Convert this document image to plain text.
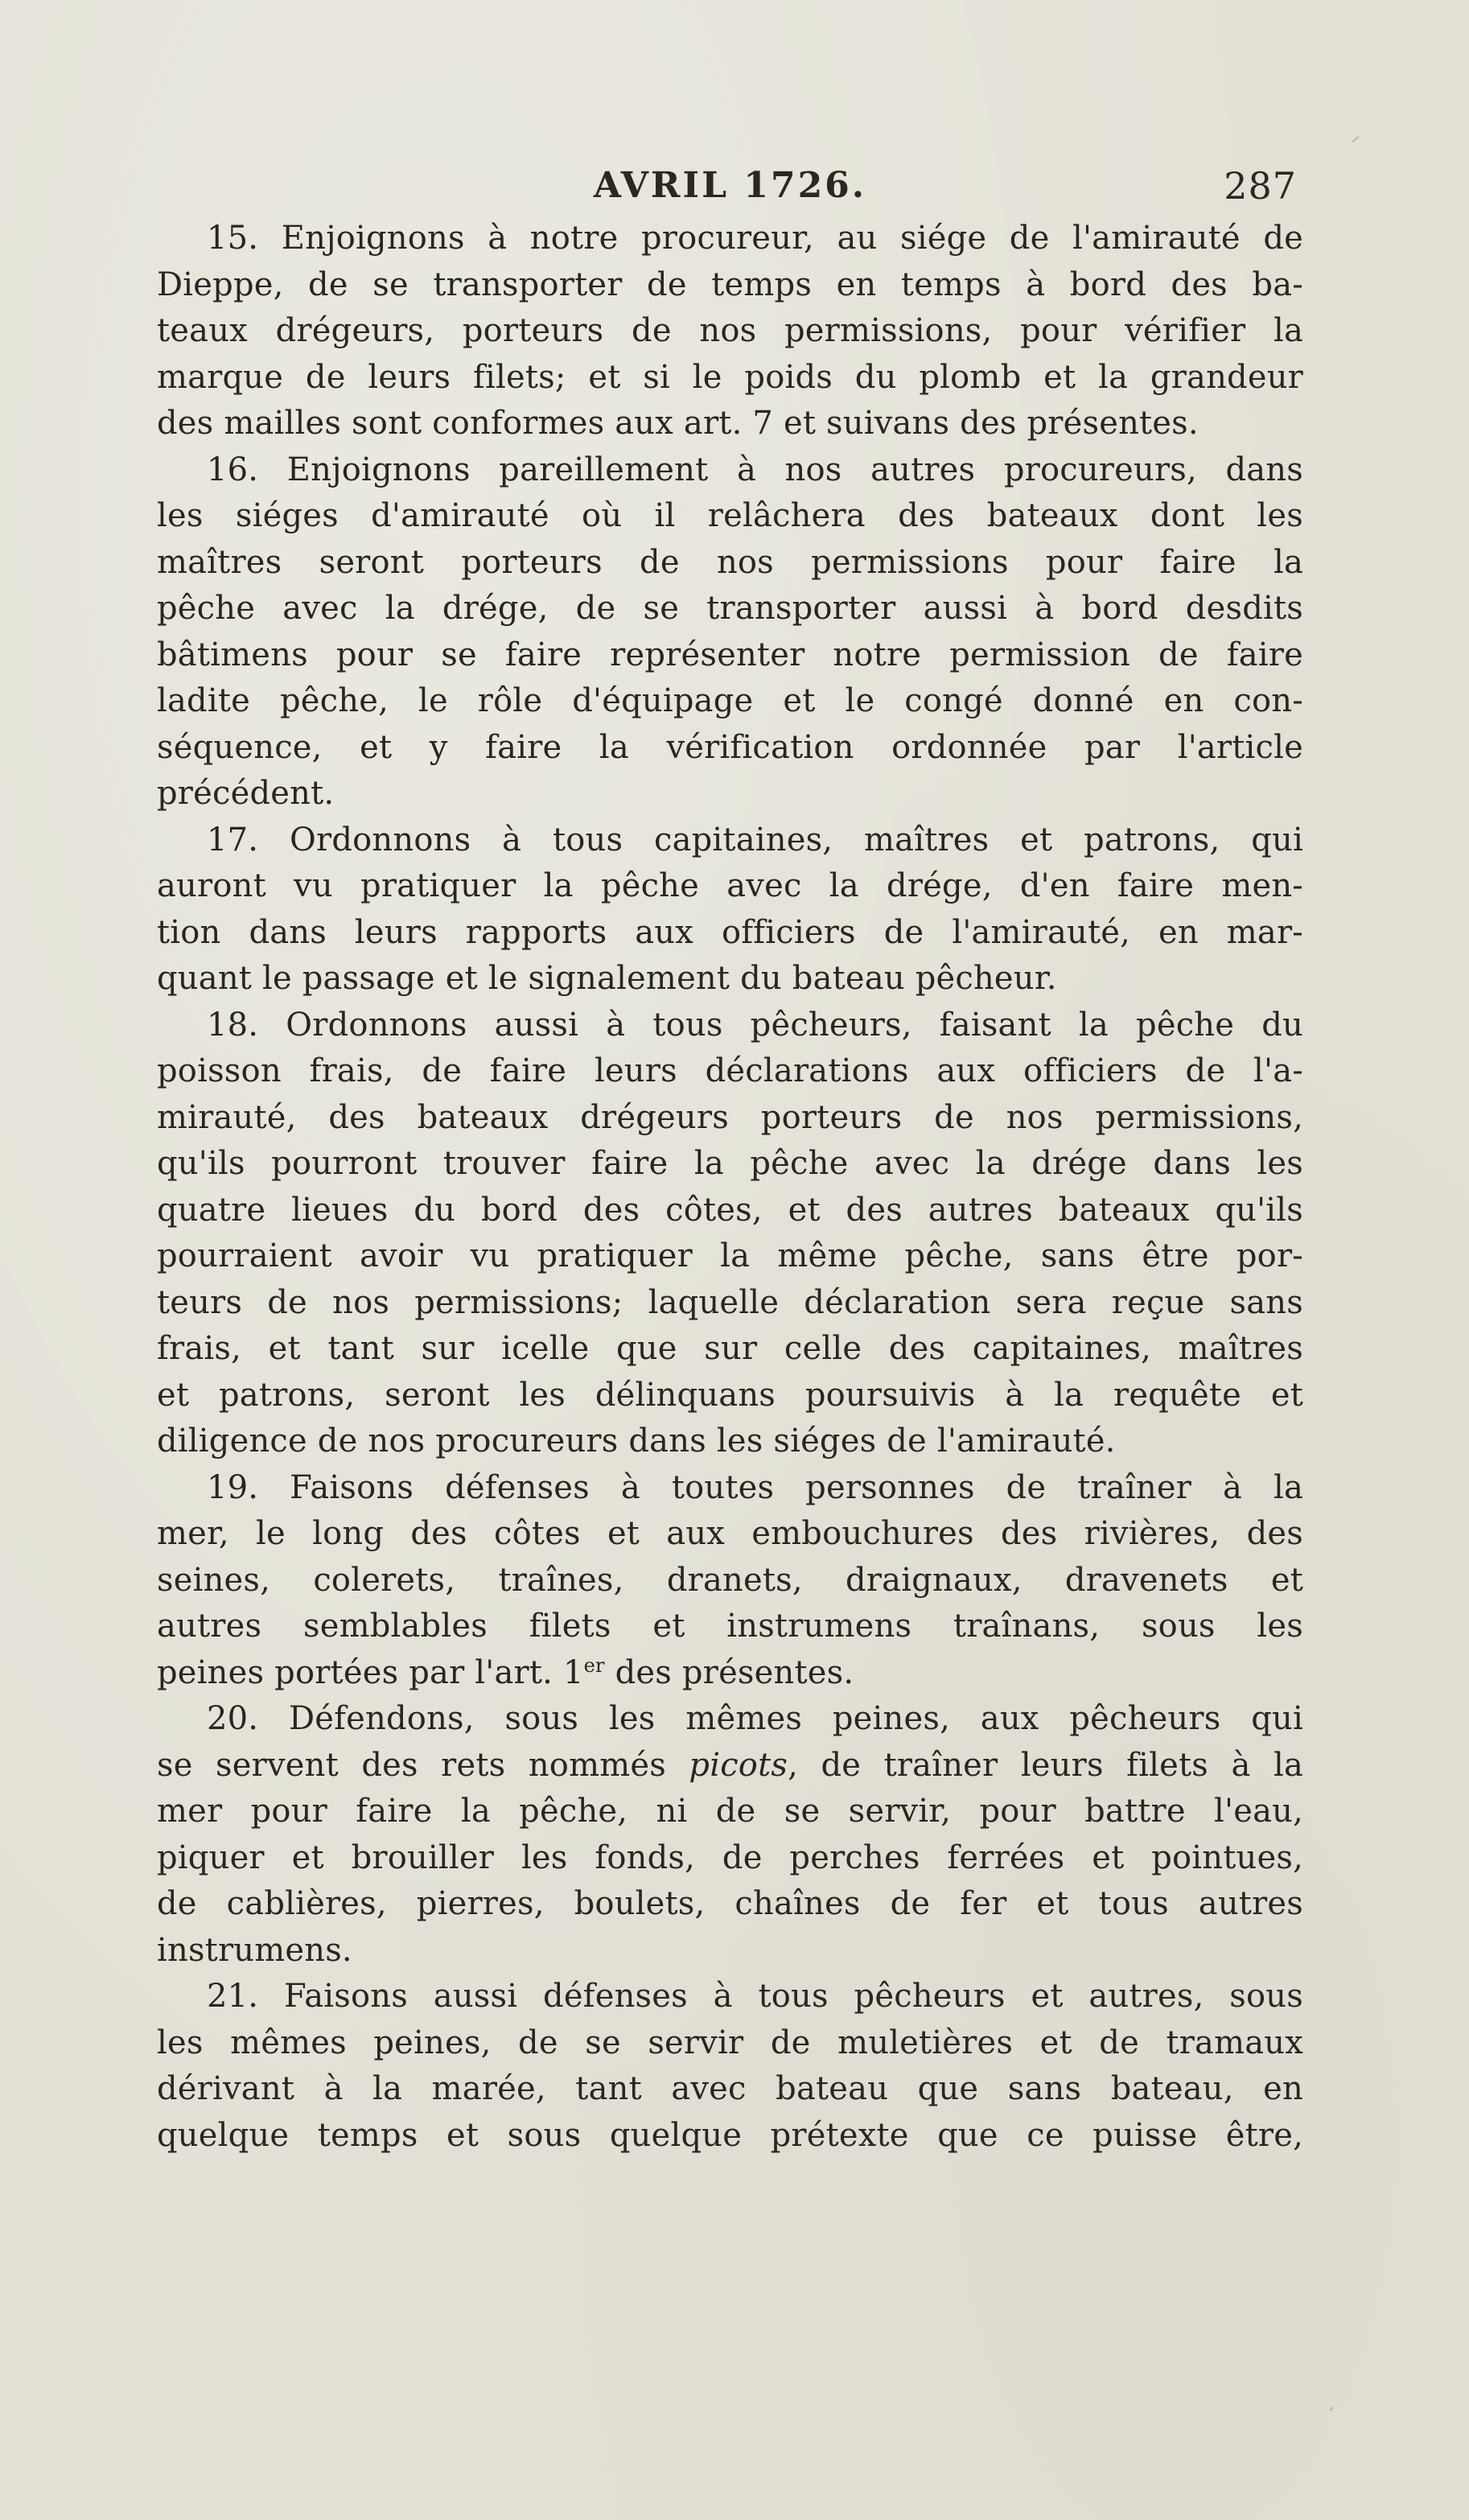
AVRIL 1726.	287
15. Enjoignons à notre procureur, au siége de l'amirauté de
Dieppe, de se transporter de temps en temps à bord des ba-
teaux drégeurs, porteurs de nos permissions, pour vérifier la
marque de leurs filets; et si le poids du plomb et la grandeur
des mailles sont conformes aux art. 7 et suivans des présentes.
16. Enjoignons pareillement à nos autres procureurs, dans
les siéges d'amirauté où il relâchera des bateaux dont les
maîtres seront porteurs de nos permissions pour faire la
pêche avec la drége, de se transporter aussi à bord desdits
bâtimens pour se faire représenter notre permission de faire
ladite pêche, le rôle d'équipage et le congé donné en con-
séquence, et y faire la vérification ordonnée par l'article
précédent.
17. Ordonnons à tous capitaines, maîtres et patrons, qui
auront vu pratiquer la pêche avec la drége, d'en faire men-
tion dans leurs rapports aux officiers de l'amirauté, en mar-
quant le passage et le signalement du bateau pêcheur.
18. Ordonnons aussi à tous pêcheurs, faisant la pêche du
poisson frais, de faire leurs déclarations aux officiers de l'a-
mirauté, des bateaux drégeurs porteurs de nos permissions,
qu'ils pourront trouver faire la pêche avec la drége dans les
quatre lieues du bord des côtes, et des autres bateaux qu'ils
pourraient avoir vu pratiquer la même pêche, sans être por-
teurs de nos permissions; laquelle déclaration sera reçue sans
frais, et tant sur icelle que sur celle des capitaines, maîtres
et patrons, seront les délinquans poursuivis à la requête et
diligence de nos procureurs dans les siéges de l'amirauté.
19. Faisons défenses à toutes personnes de traîner à la
mer, le long des côtes et aux embouchures des rivières, des
seines, colerets, traînes, dranets, draignaux, dravenets et
autres semblables filets et instrumens traînans, sous les
peines portées par l'art. 1er des présentes.
20. Défendons, sous les mêmes peines, aux pêcheurs qui
se servent des rets nommés picots, de traîner leurs filets à la
mer pour faire la pêche, ni de se servir, pour battre l'eau,
piquer et brouiller les fonds, de perches ferrées et pointues,
de cablières, pierres, boulets, chaînes de fer et tous autres
instrumens.
21. Faisons aussi défenses à tous pêcheurs et autres, sous
les mêmes peines, de se servir de muletières et de tramaux
dérivant à la marée, tant avec bateau que sans bateau, en
quelque temps et sous quelque prétexte que ce puisse être,
